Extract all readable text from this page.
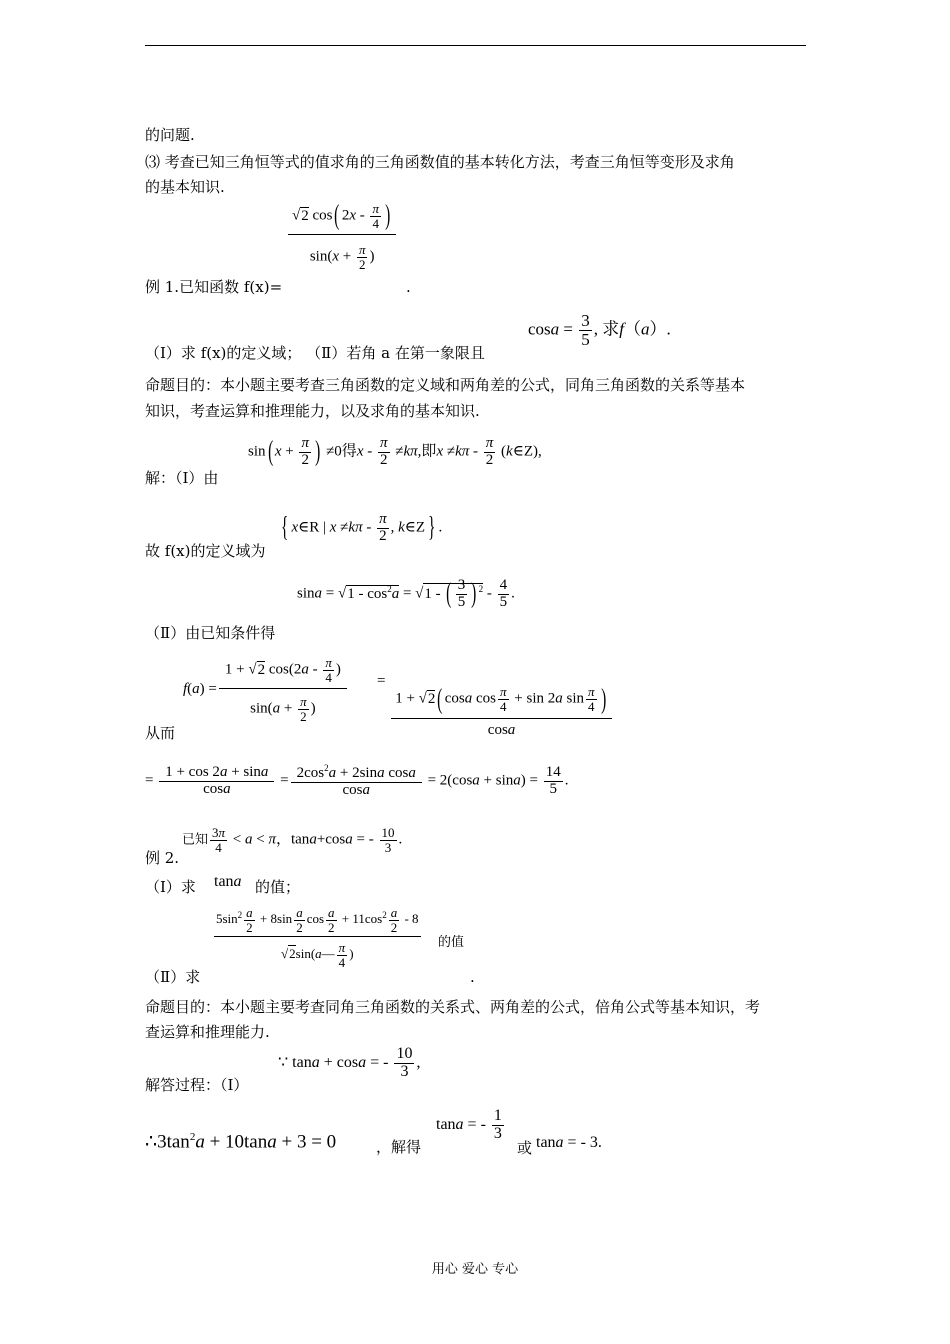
的问题.
⑶ 考查已知三角恒等式的值求角的三角函数值的基本转化方法，考查三角恒等变形及求角
的基本知识.
$\frac{√2 \cos( 2x - \frac{\pi}{4} )}{\sin(x + \frac{\pi}{2} )}$
例 1.已知函数 f(x)=	.
（Ⅰ）求 f(x)的定义域； （Ⅱ）若角 a 在第一象限且
$\cos a = \frac{3}{5}$ , 求f（a）.
命题目的：本小题主要考查三角函数的定义域和两角差的公式，同角三角函数的关系等基本
知识，考查运算和推理能力，以及求角的基本知识.
sin( $x + \frac{\pi}{2}$ ) ≠0得$x - \frac{\pi}{2} \ne k\pi$,即$x \ne k\pi - \frac{\pi}{2}$ (k∈Z),
解：（Ⅰ）由
{ x∈R | $x \ne k\pi - \frac{\pi}{2}$ , k∈Z } .
故 f(x)的定义域为
$\sin a = √1 - \cos^2a = √1$ - ( $\frac{3}{5}$ ) $^2 - \frac{4}{5}$ .
（Ⅱ）由已知条件得
$f(a) = \frac{1 + √2 \cos(2a - \frac{\pi}{4} )}{\sin(a + \frac{\pi}{2} )}$ =
$\frac{1 + √2( \cos a \cos \frac{\pi}{4} + \sin 2a \sin \frac{\pi}{4} )}{\cos a}$
从而
= $\frac{1 + \cos 2a + \sin a}{\cos a} = \frac{2\cos^2a + 2\sin a \cos a}{\cos a} = 2(\cos a + \sin a) = \frac{14}{5}$ .
已知 $\frac{3\pi}{4} < a < \pi$，tana+cosa = - $\frac{10}{3}$ .
例 2.
（Ⅰ）求 tana 的值；
$\frac{5\sin^2 \frac{a}{2} + 8\sin \frac{a}{2} \cos \frac{a}{2} + 11\cos^2 \frac{a}{2} - 8}{√2\sin(a— \frac{\pi}{4} )}$ 的值
（Ⅱ）求	.
命题目的：本小题主要考查同角三角函数的关系式、两角差的公式，倍角公式等基本知识，考
查运算和推理能力.
∵ tana + cosa = - $\frac{10}{3}$ ,
解答过程：（Ⅰ）
$\therefore 3\tan^2a + 10\tan a + 3 = 0$	，解得
tana = - $\frac{1}{3}$
或 tana = - 3.
用心 爱心 专心
